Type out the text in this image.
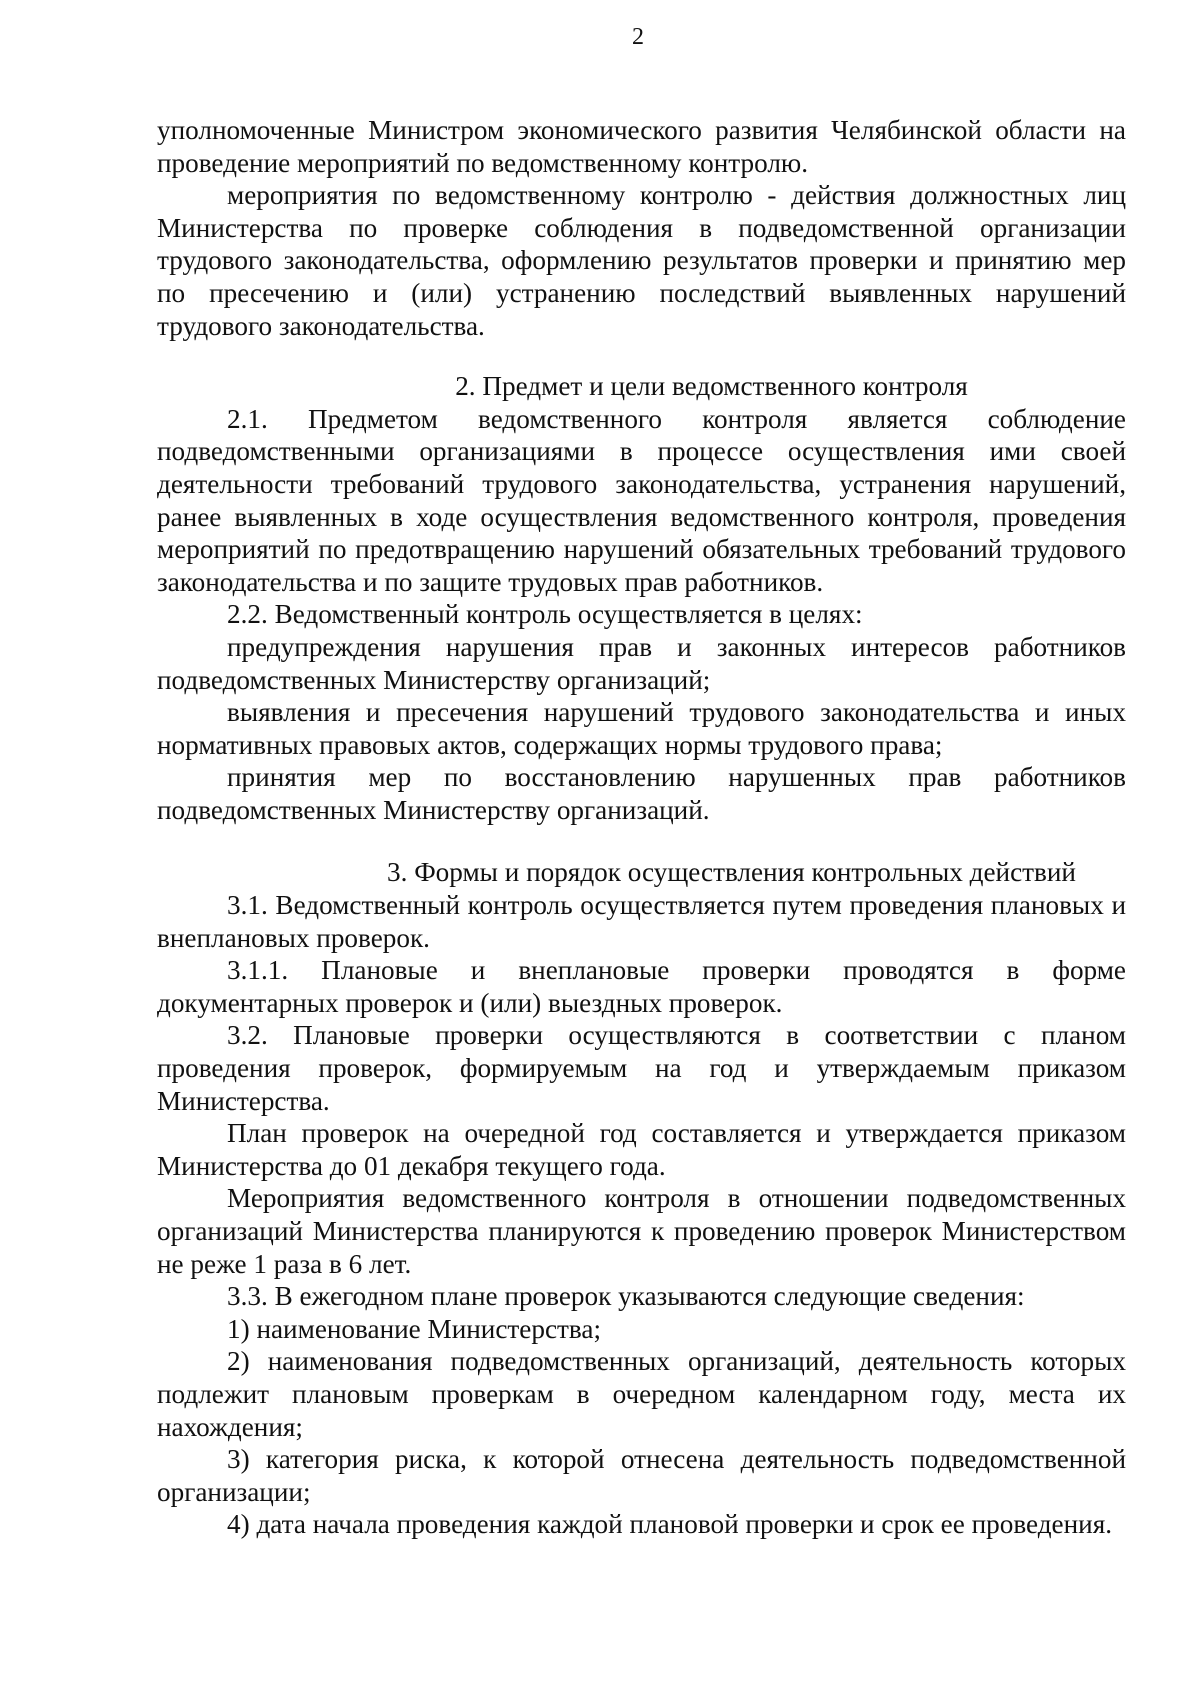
2

уполномоченные Министром экономического развития Челябинской области на проведение мероприятий по ведомственному контролю.

мероприятия по ведомственному контролю - действия должностных лиц Министерства по проверке соблюдения в подведомственной организации трудового законодательства, оформлению результатов проверки и принятию мер по пресечению и (или) устранению последствий выявленных нарушений трудового законодательства.

2. Предмет и цели ведомственного контроля

2.1. Предметом ведомственного контроля является соблюдение подведомственными организациями в процессе осуществления ими своей деятельности требований трудового законодательства, устранения нарушений, ранее выявленных в ходе осуществления ведомственного контроля, проведения мероприятий по предотвращению нарушений обязательных требований трудового законодательства и по защите трудовых прав работников.

2.2. Ведомственный контроль осуществляется в целях:

предупреждения нарушения прав и законных интересов работников подведомственных Министерству организаций;

выявления и пресечения нарушений трудового законодательства и иных нормативных правовых актов, содержащих нормы трудового права;

принятия мер по восстановлению нарушенных прав работников подведомственных Министерству организаций.

3. Формы и порядок осуществления контрольных действий

3.1. Ведомственный контроль осуществляется путем проведения плановых и внеплановых проверок.

3.1.1. Плановые и внеплановые проверки проводятся в форме документарных проверок и (или) выездных проверок.

3.2. Плановые проверки осуществляются в соответствии с планом проведения проверок, формируемым на год и утверждаемым приказом Министерства.

План проверок на очередной год составляется и утверждается приказом Министерства до 01 декабря текущего года.

Мероприятия ведомственного контроля в отношении подведомственных организаций Министерства планируются к проведению проверок Министерством не реже 1 раза в 6 лет.

3.3. В ежегодном плане проверок указываются следующие сведения:

1) наименование Министерства;

2) наименования подведомственных организаций, деятельность которых подлежит плановым проверкам в очередном календарном году, места их нахождения;

3) категория риска, к которой отнесена деятельность подведомственной организации;

4) дата начала проведения каждой плановой проверки и срок ее проведения.
